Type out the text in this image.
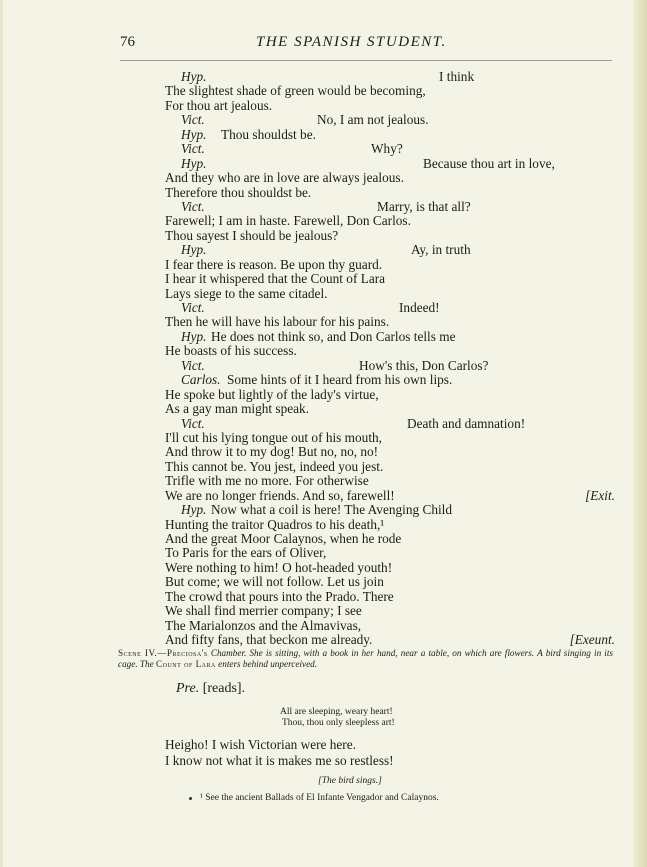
76	THE SPANISH STUDENT.
Hyp.	I think
The slightest shade of green would be becoming,
For thou art jealous.
Vict.	No, I am not jealous.
Hyp. Thou shouldst be.
Vict.	Why?
Hyp.	Because thou art in love,
And they who are in love are always jealous.
Therefore thou shouldst be.
Vict.	Marry, is that all?
Farewell; I am in haste. Farewell, Don Carlos.
Thou sayest I should be jealous?
Hyp.	Ay, in truth
I fear there is reason. Be upon thy guard.
I hear it whispered that the Count of Lara
Lays siege to the same citadel.
Vict.	Indeed!
Then he will have his labour for his pains.
Hyp. He does not think so, and Don Carlos tells me
He boasts of his success.
Vict.	How's this, Don Carlos?
Carlos. Some hints of it I heard from his own lips.
He spoke but lightly of the lady's virtue,
As a gay man might speak.
Vict.	Death and damnation!
I'll cut his lying tongue out of his mouth,
And throw it to my dog! But no, no, no!
This cannot be. You jest, indeed you jest.
Trifle with me no more. For otherwise
We are no longer friends. And so, farewell!	[Exit.
Hyp. Now what a coil is here! The Avenging Child
Hunting the traitor Quadros to his death,¹
And the great Moor Calaynos, when he rode
To Paris for the ears of Oliver,
Were nothing to him! O hot-headed youth!
But come; we will not follow. Let us join
The crowd that pours into the Prado. There
We shall find merrier company; I see
The Marialonzos and the Almavivas,
And fifty fans, that beckon me already.	[Exeunt.
Scene IV.—Preciosa's Chamber. She is sitting, with a book in her hand, near a table, on which are flowers. A bird singing in its cage. The Count of Lara enters behind unperceived.
Pre. [reads].
All are sleeping, weary heart!
Thou, thou only sleepless art!
Heigho! I wish Victorian were here.
I know not what it is makes me so restless!
[The bird sings.]
¹ See the ancient Ballads of El Infante Vengador and Calaynos.
